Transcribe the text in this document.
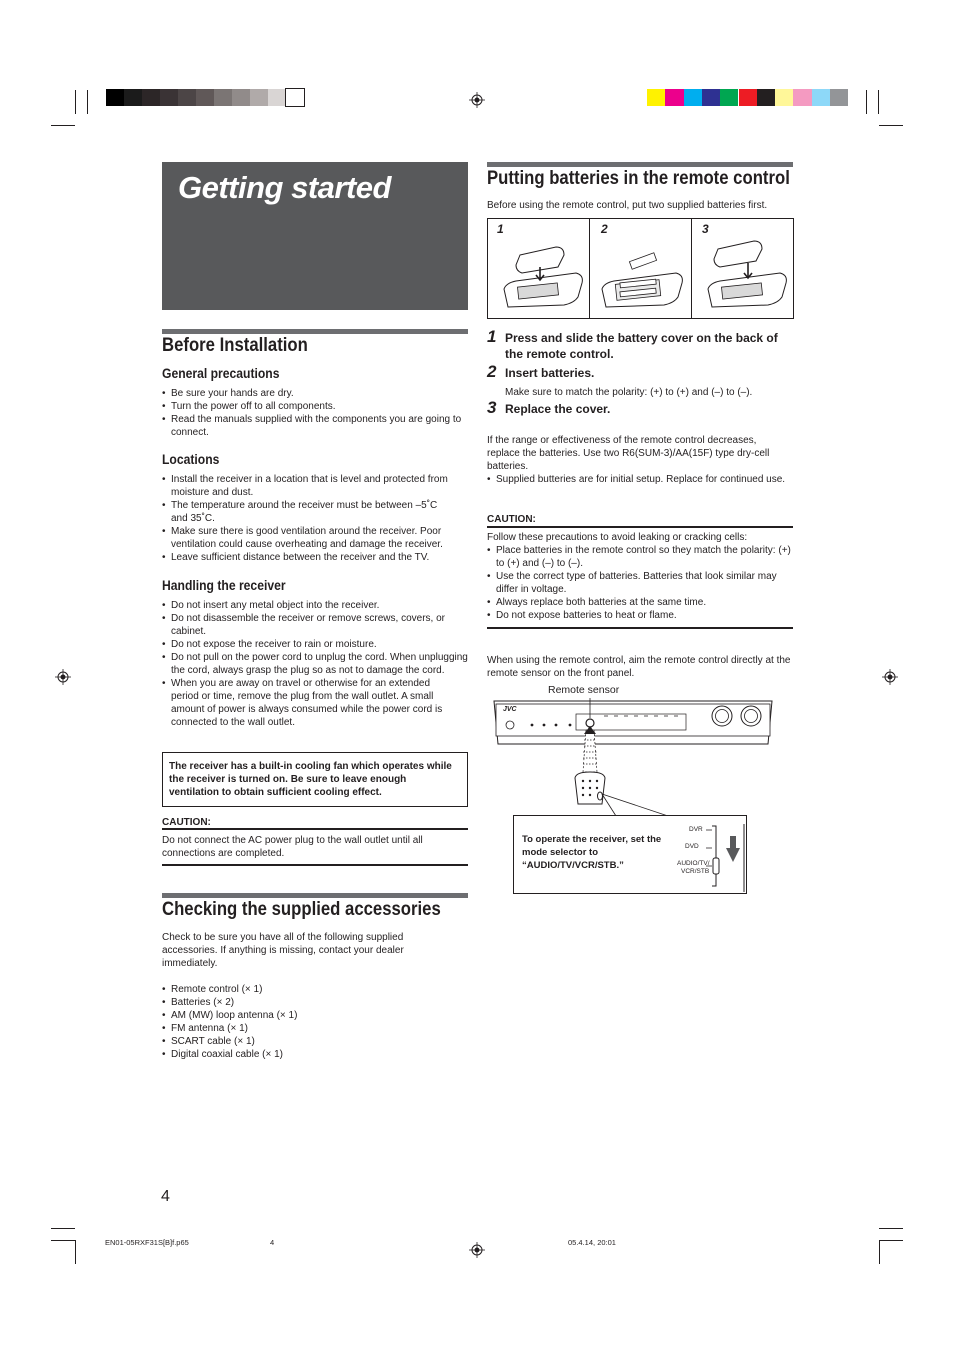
Getting started
Before Installation
General precautions
• Be sure your hands are dry.
• Turn the power off to all components.
• Read the manuals supplied with the components you are going to connect.
Locations
• Install the receiver in a location that is level and protected from moisture and dust.
• The temperature around the receiver must be between –5˚C and 35˚C.
• Make sure there is good ventilation around the receiver. Poor ventilation could cause overheating and damage the receiver.
• Leave sufficient distance between the receiver and the TV.
Handling the receiver
• Do not insert any metal object into the receiver.
• Do not disassemble the receiver or remove screws, covers, or cabinet.
• Do not expose the receiver to rain or moisture.
• Do not pull on the power cord to unplug the cord. When unplugging the cord, always grasp the plug so as not to damage the cord.
• When you are away on travel or otherwise for an extended period or time, remove the plug from the wall outlet. A small amount of power is always consumed while the power cord is connected to the wall outlet.
The receiver has a built-in cooling fan which operates while the receiver is turned on. Be sure to leave enough ventilation to obtain sufficient cooling effect.
CAUTION:
Do not connect the AC power plug to the wall outlet until all connections are completed.
Checking the supplied accessories
Check to be sure you have all of the following supplied accessories. If anything is missing, contact your dealer immediately.
• Remote control (× 1)
• Batteries (× 2)
• AM (MW) loop antenna (× 1)
• FM antenna (× 1)
• SCART cable (× 1)
• Digital coaxial cable (× 1)
Putting batteries in the remote control
Before using the remote control, put two supplied batteries first.
1	2	3
1 Press and slide the battery cover on the back of the remote control.
2 Insert batteries.
Make sure to match the polarity: (+) to (+) and (–) to (–).
3 Replace the cover.
If the range or effectiveness of the remote control decreases, replace the batteries. Use two R6(SUM-3)/AA(15F) type dry-cell batteries.
• Supplied butteries are for initial setup. Replace for continued use.
CAUTION:
Follow these precautions to avoid leaking or cracking cells:
• Place batteries in the remote control so they match the polarity: (+) to (+) and (–) to (–).
• Use the correct type of batteries. Batteries that look similar may differ in voltage.
• Always replace both batteries at the same time.
• Do not expose batteries to heat or flame.
When using the remote control, aim the remote control directly at the remote sensor on the front panel.
Remote sensor
JVC
To operate the receiver, set the mode selector to “AUDIO/TV/VCR/STB.”
DVR
DVD
AUDIO/TV/
VCR/STB
4
EN01-05RXF31S[B]f.p65	4	05.4.14, 20:01
